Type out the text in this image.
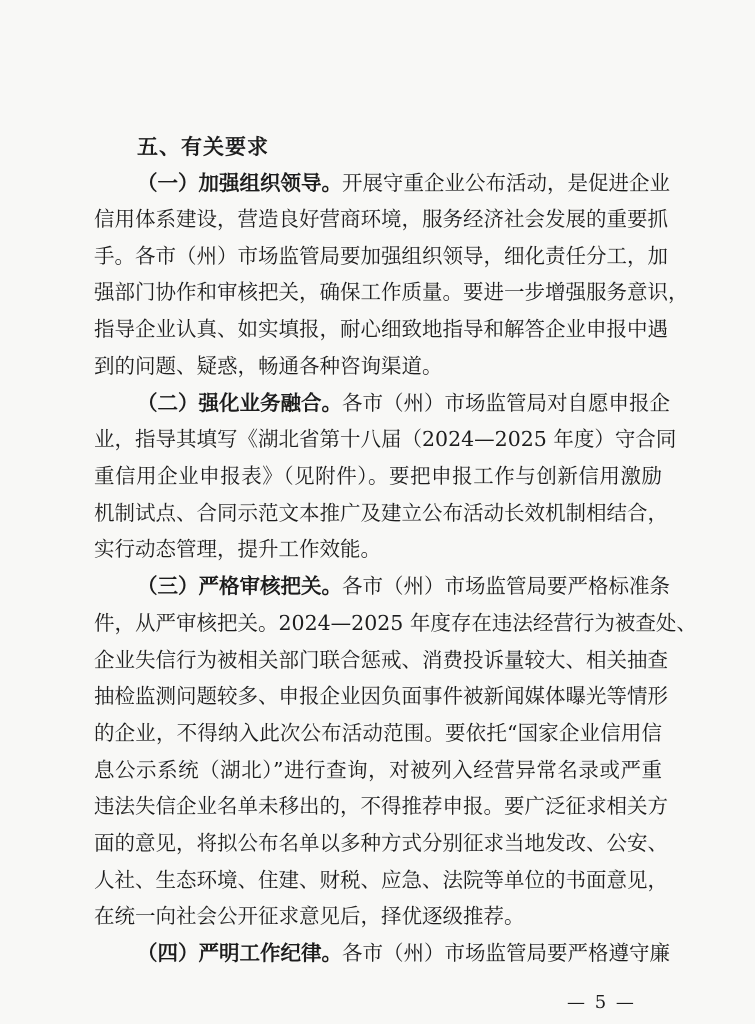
五、有关要求
（一）加强组织领导。开展守重企业公布活动，是促进企业
信用体系建设，营造良好营商环境，服务经济社会发展的重要抓
手。各市（州）市场监管局要加强组织领导，细化责任分工，加
强部门协作和审核把关，确保工作质量。要进一步增强服务意识，
指导企业认真、如实填报，耐心细致地指导和解答企业申报中遇
到的问题、疑惑，畅通各种咨询渠道。
（二）强化业务融合。各市（州）市场监管局对自愿申报企
业，指导其填写《湖北省第十八届（2024—2025 年度）守合同
重信用企业申报表》（见附件）。要把申报工作与创新信用激励
机制试点、合同示范文本推广及建立公布活动长效机制相结合，
实行动态管理，提升工作效能。
（三）严格审核把关。各市（州）市场监管局要严格标准条
件，从严审核把关。2024—2025 年度存在违法经营行为被查处、
企业失信行为被相关部门联合惩戒、消费投诉量较大、相关抽查
抽检监测问题较多、申报企业因负面事件被新闻媒体曝光等情形
的企业，不得纳入此次公布活动范围。要依托“国家企业信用信
息公示系统（湖北）”进行查询，对被列入经营异常名录或严重
违法失信企业名单未移出的，不得推荐申报。要广泛征求相关方
面的意见，将拟公布名单以多种方式分别征求当地发改、公安、
人社、生态环境、住建、财税、应急、法院等单位的书面意见，
在统一向社会公开征求意见后，择优逐级推荐。
（四）严明工作纪律。各市（州）市场监管局要严格遵守廉
— 5 —
